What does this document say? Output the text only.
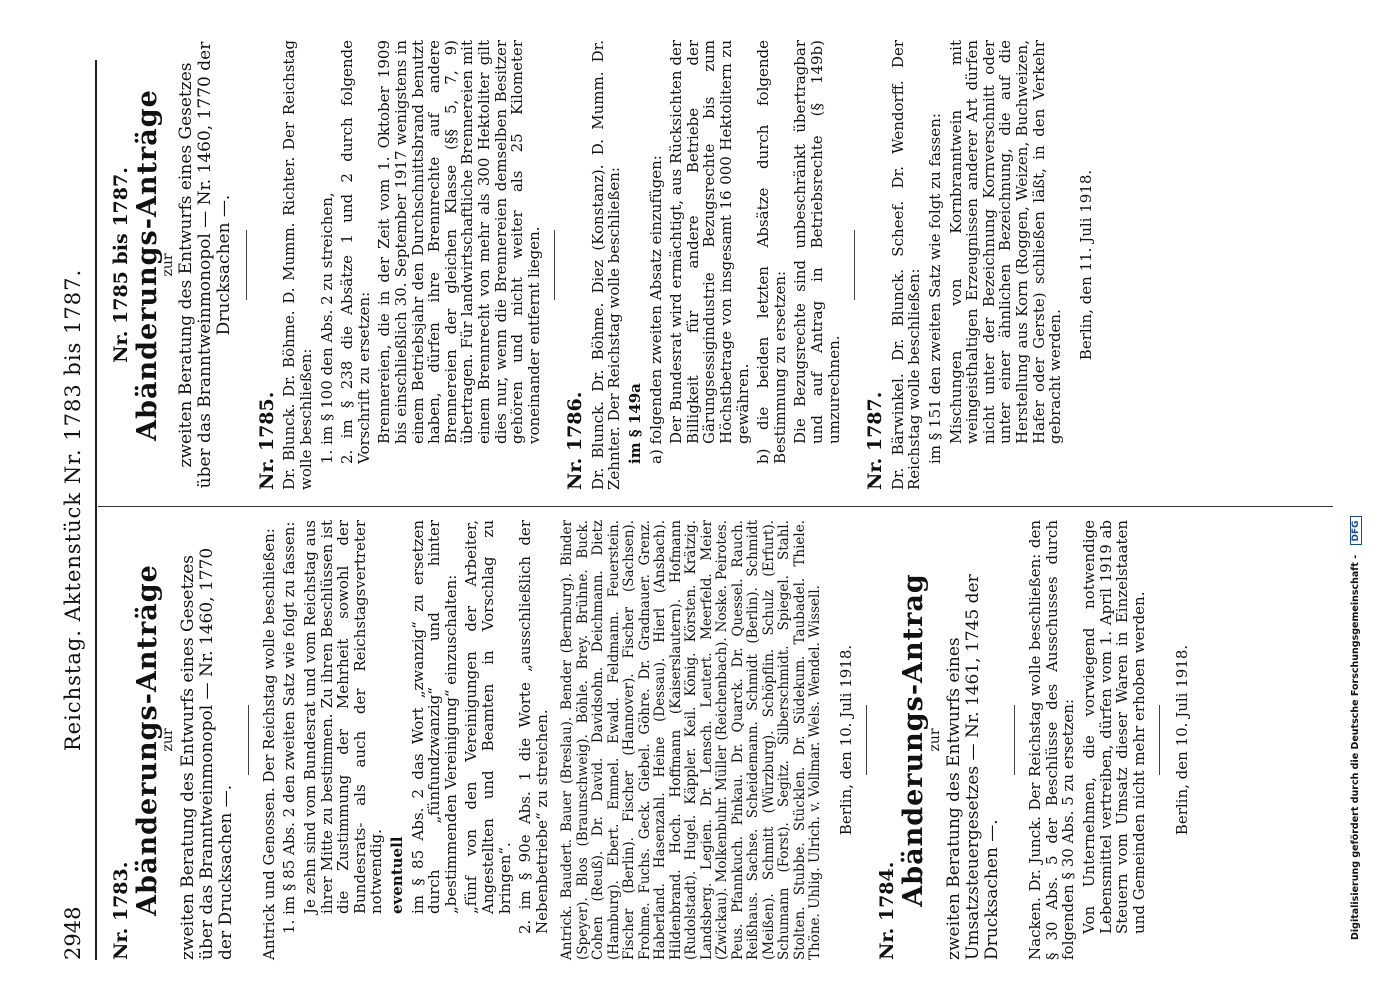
2948
Reichstag. Aktenstück Nr. 1783 bis 1787.
Nr. 1783. Abänderungs-Anträge
zur zweiten Beratung des Entwurfs eines Gesetzes über das Branntweinmonopol — Nr. 1460, 1770 der Drucksachen —. Antrick und Genossen. Der Reichstag wolle beschließen: 1. im § 85 Abs. 2 den zweiten Satz wie folgt zu fassen: Je zehn sind vom Bundesrat und vom Reichstag aus ihrer Mitte zu bestimmen. Zu ihren Beschlüssen ist die Zustimmung der Mehrheit sowohl der Bundesrats- als auch der Reichstagsvertreter notwendig. eventuell im § 85 Abs. 2 das Wort „zwanzig“ zu ersetzen durch „fünfundzwanzig“ und hinter „bestimmenden Vereinigung“ einzuschalten: „fünf von den Vereinigungen der Arbeiter, Angestellten und Beamten in Vorschlag zu bringen“. 2. im § 90e Abs. 1 die Worte „ausschließlich der Nebenbetriebe“ zu streichen. Antrick. Baudert. Bauer (Breslau). Bender (Bernburg). Binder (Speyer). Blos (Braunschweig). Böhle. Brey. Brühne. Buck. Cohen (Reuß). Dr. David. Davidsohn. Deichmann. Dietz (Hamburg). Ebert. Emmel. Ewald. Feldmann. Feuerstein. Fischer (Berlin). Fischer (Hannover). Fischer (Sachsen). Frohme. Fuchs. Geck. Giebel. Göhre. Dr. Gradnauer. Grenz. Haberland. Hasenzahl. Heine (Dessau). Hierl (Ansbach). Hildenbrand. Hoch. Hoffmann (Kaiserslautern). Hofmann (Rudolstadt). Hugel. Käppler. Keil. König. Körsten. Krätzig. Landsberg. Legien. Dr. Lensch. Leutert. Meerfeld. Meier (Zwickau). Molkenbuhr. Müller (Reichenbach). Noske. Peirotes. Peus. Pfannkuch. Pinkau. Dr. Quarck. Dr. Quessel. Rauch. Reißhaus. Sachse. Scheidemann. Schmidt (Berlin). Schmidt (Meißen). Schmitt (Würzburg). Schöpflin. Schulz (Erfurt). Schumann (Forst). Segitz. Silberschmidt. Spiegel. Stahl. Stolten. Stubbe. Stücklen. Dr. Südekum. Taubadel. Thiele. Thöne. Uhlig. Ulrich. v. Vollmar. Wels. Wendel. Wissell. Berlin, den 10. Juli 1918.
Nr. 1784.
Abänderungs-Antrag
zur zweiten Beratung des Entwurfs eines Umsatzsteuergesetzes — Nr. 1461, 1745 der Drucksachen —. Nacken. Dr. Junck. Der Reichstag wolle beschließen: den § 30 Abs. 5 der Beschlüsse des Ausschusses durch folgenden § 30 Abs. 5 zu ersetzen: Von Unternehmen, die vorwiegend notwendige Lebensmittel vertreiben, dürfen vom 1. April 1919 ab Steuern vom Umsatz dieser Waren in Einzelstaaten und Gemeinden nicht mehr erhoben werden. Berlin, den 10. Juli 1918.
Nr. 1785 bis 1787. Abänderungs-Anträge
zur zweiten Beratung des Entwurfs eines Gesetzes über das Branntweinmonopol — Nr. 1460, 1770 der Drucksachen —.
Nr. 1785. Dr. Blunck. Dr. Böhme. D. Mumm. Richter. Der Reichstag wolle beschließen: 1. im § 100 den Abs. 2 zu streichen, 2. im § 238 die Absätze 1 und 2 durch folgende Vorschrift zu ersetzen: Brennereien, die in der Zeit vom 1. Oktober 1909 bis einschließlich 30. September 1917 wenigstens in einem Betriebsjahr den Durchschnittsbrand benutzt haben, dürfen ihre Brennrechte auf andere Brennereien der gleichen Klasse (§§ 5, 7, 9) übertragen. Für landwirtschaftliche Brennereien mit einem Brennrecht von mehr als 300 Hektoliter gilt dies nur, wenn die Brennereien demselben Besitzer gehören und nicht weiter als 25 Kilometer voneinander entfernt liegen. Nr. 1786. Dr. Blunck. Dr. Böhme. Diez (Konstanz). D. Mumm. Dr. Zehnter. Der Reichstag wolle beschließen: im § 149a a) folgenden zweiten Absatz einzufügen: Der Bundesrat wird ermächtigt, aus Rücksichten der Billigkeit für andere Betriebe der Gärungsessigindustrie Bezugsrechte bis zum Höchstbetrage von insgesamt 16 000 Hektolitern zu gewähren. b) die beiden letzten Absätze durch folgende Bestimmung zu ersetzen: Die Bezugsrechte sind unbeschränkt übertragbar und auf Antrag in Betriebsrechte (§ 149b) umzurechnen. Nr. 1787. Dr. Bärwinkel. Dr. Blunck. Scheef. Dr. Wendorff. Der Reichstag wolle beschließen: im § 151 den zweiten Satz wie folgt zu fassen: Mischungen von Kornbranntwein mit weingeisthaltigen Erzeugnissen anderer Art dürfen nicht unter der Bezeichnung Kornverschnitt oder unter einer ähnlichen Bezeichnung, die auf die Herstellung aus Korn (Roggen, Weizen, Buchweizen, Hafer oder Gerste) schließen läßt, in den Verkehr gebracht werden.
Berlin, den 11. Juli 1918.
Digitalisierung gefördert durch die Deutsche Forschungsgemeinschaft - DFG
